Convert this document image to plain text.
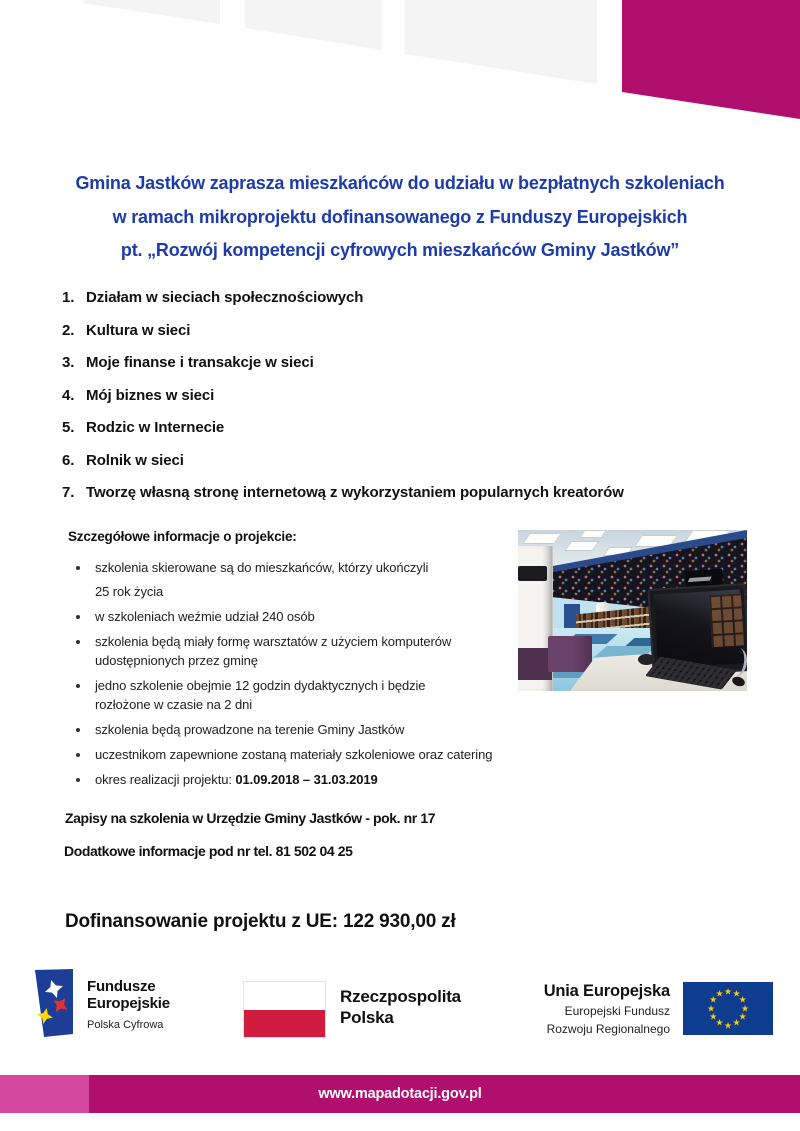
Gmina Jastków zaprasza mieszkańców do udziału w bezpłatnych szkoleniach
w ramach mikroprojektu dofinansowanego z Funduszy Europejskich
pt. „Rozwój kompetencji cyfrowych mieszkańców Gminy Jastków”
1. Działam w sieciach społecznościowych
2. Kultura w sieci
3. Moje finanse i transakcje w sieci
4. Mój biznes w sieci
5. Rodzic w Internecie
6. Rolnik w sieci
7. Tworzę własną stronę internetową z wykorzystaniem popularnych kreatorów
Szczegółowe informacje o projekcie:
szkolenia skierowane są do mieszkańców, którzy ukończyli
25 rok życia
w szkoleniach weźmie udział 240 osób
szkolenia będą miały formę warsztatów z użyciem komputerów
udostępnionych przez gminę
jedno szkolenie obejmie 12 godzin dydaktycznych i będzie
rozłożone w czasie na 2 dni
szkolenia będą prowadzone na terenie Gminy Jastków
uczestnikom zapewnione zostaną materiały szkoleniowe oraz catering
okres realizacji projektu: 01.09.2018 – 31.03.2019
Zapisy na szkolenia w Urzędzie Gminy Jastków - pok. nr 17
Dodatkowe informacje pod nr tel. 81 502 04 25
Dofinansowanie projektu z UE: 122 930,00 zł
Fundusze
Europejskie
Polska Cyfrowa
Rzeczpospolita
Polska
Unia Europejska
Europejski Fundusz
Rozwoju Regionalnego
★ ★
★
★
★
★
★
★
★
★
★
★
www.mapadotacji.gov.pl
